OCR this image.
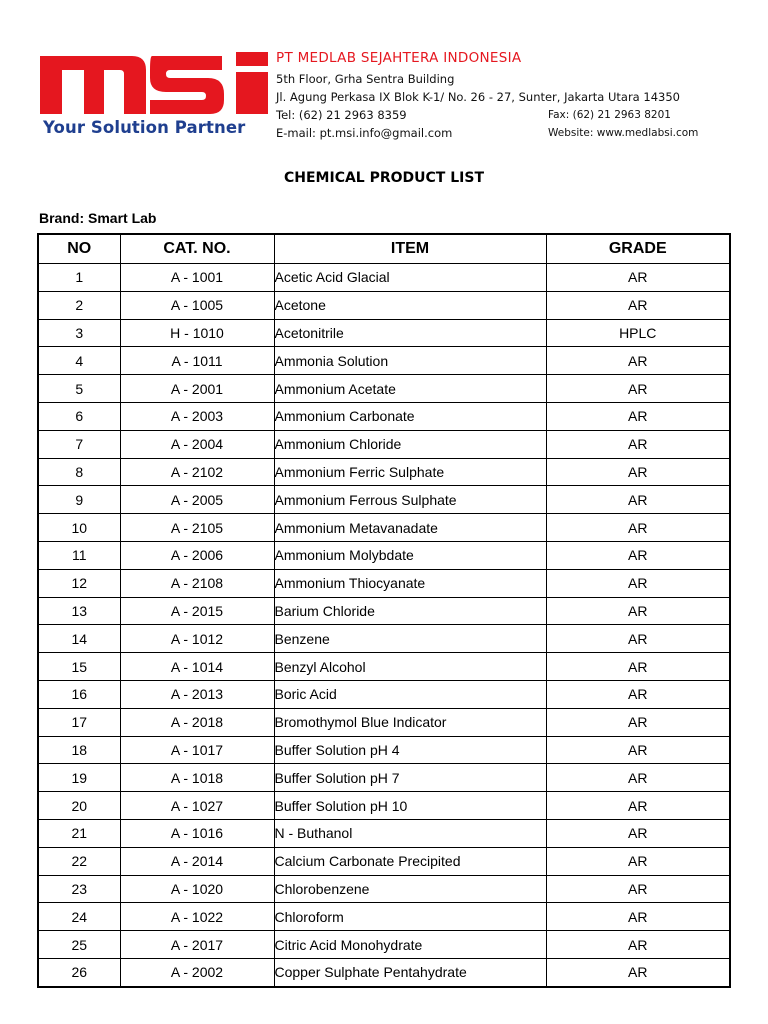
Your Solution Partner
PT MEDLAB SEJAHTERA INDONESIA
5th Floor, Grha Sentra Building
Jl. Agung Perkasa IX Blok K-1/ No. 26 - 27, Sunter, Jakarta Utara 14350
Tel: (62) 21 2963 8359	Fax: (62) 21 2963 8201
E-mail: pt.msi.info@gmail.com	Website: www.medlabsi.com
CHEMICAL PRODUCT LIST
Brand: Smart Lab
NO	CAT. NO.	ITEM	GRADE
1	A - 1001	Acetic Acid Glacial	AR
2	A - 1005	Acetone	AR
3	H - 1010	Acetonitrile	HPLC
4	A - 1011	Ammonia Solution	AR
5	A - 2001	Ammonium Acetate	AR
6	A - 2003	Ammonium Carbonate	AR
7	A - 2004	Ammonium Chloride	AR
8	A - 2102	Ammonium Ferric Sulphate	AR
9	A - 2005	Ammonium Ferrous Sulphate	AR
10	A - 2105	Ammonium Metavanadate	AR
11	A - 2006	Ammonium Molybdate	AR
12	A - 2108	Ammonium Thiocyanate	AR
13	A - 2015	Barium Chloride	AR
14	A - 1012	Benzene	AR
15	A - 1014	Benzyl Alcohol	AR
16	A - 2013	Boric Acid	AR
17	A - 2018	Bromothymol Blue Indicator	AR
18	A - 1017	Buffer Solution pH 4	AR
19	A - 1018	Buffer Solution pH 7	AR
20	A - 1027	Buffer Solution pH 10	AR
21	A - 1016	N - Buthanol	AR
22	A - 2014	Calcium Carbonate Precipited	AR
23	A - 1020	Chlorobenzene	AR
24	A - 1022	Chloroform	AR
25	A - 2017	Citric Acid Monohydrate	AR
26	A - 2002	Copper Sulphate Pentahydrate	AR
